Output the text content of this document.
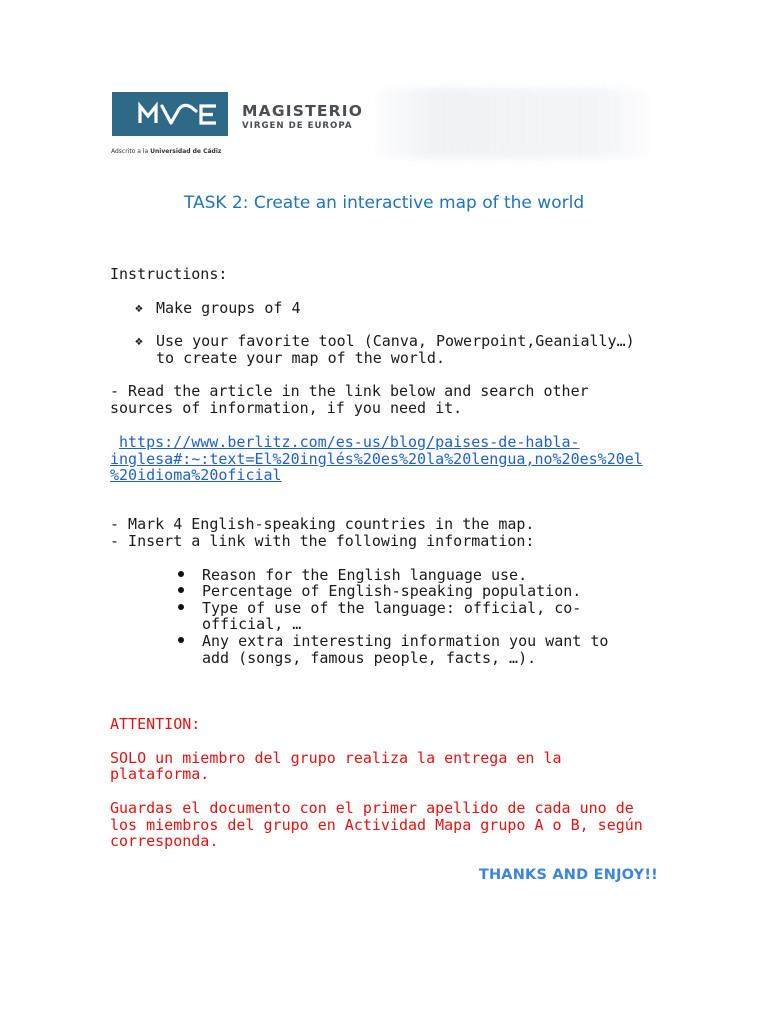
MAGISTERIO
VIRGEN DE EUROPA
Adscrito a la Universidad de Cádiz
TASK 2: Create an interactive map of the world
Instructions:
❖ Make groups of 4
❖ Use your favorite tool (Canva, Powerpoint,Geanially…)
to create your map of the world.
- Read the article in the link below and search other
sources of information, if you need it.
https://www.berlitz.com/es-us/blog/paises-de-habla-
inglesa#:~:text=El%20inglés%20es%20la%20lengua,no%20es%20el
%20idioma%20oficial
- Mark 4 English-speaking countries in the map.
- Insert a link with the following information:
Reason for the English language use.
Percentage of English-speaking population.
Type of use of the language: official, co-
official, …
Any extra interesting information you want to
add (songs, famous people, facts, …).
ATTENTION:
SOLO un miembro del grupo realiza la entrega en la
plataforma.
Guardas el documento con el primer apellido de cada uno de
los miembros del grupo en Actividad Mapa grupo A o B, según
corresponda.
THANKS AND ENJOY!!
